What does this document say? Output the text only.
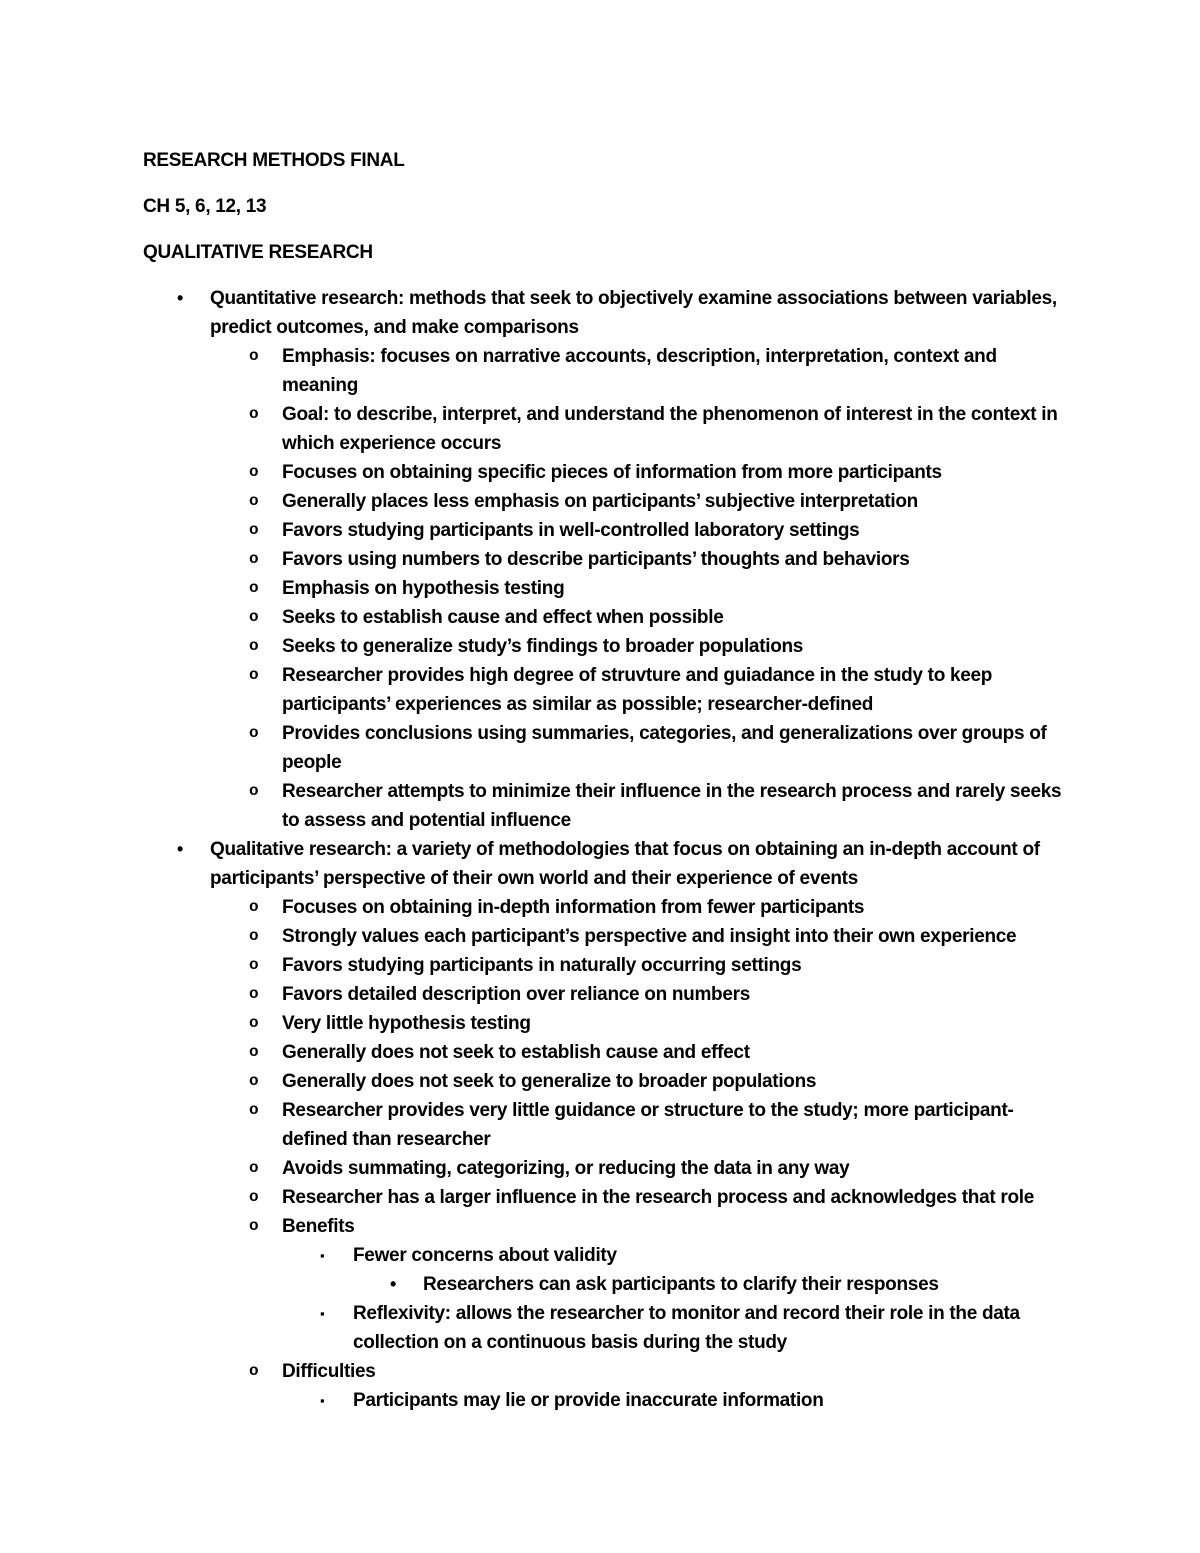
RESEARCH METHODS FINAL
CH 5, 6, 12, 13
QUALITATIVE RESEARCH
•	Quantitative research: methods that seek to objectively examine associations between variables, predict outcomes, and make comparisons
o	Emphasis: focuses on narrative accounts, description, interpretation, context and meaning
o	Goal: to describe, interpret, and understand the phenomenon of interest in the context in which experience occurs
o	Focuses on obtaining specific pieces of information from more participants
o	Generally places less emphasis on participants’ subjective interpretation
o	Favors studying participants in well-controlled laboratory settings
o	Favors using numbers to describe participants’ thoughts and behaviors
o	Emphasis on hypothesis testing
o	Seeks to establish cause and effect when possible
o	Seeks to generalize study’s findings to broader populations
o	Researcher provides high degree of struvture and guiadance in the study to keep participants’ experiences as similar as possible; researcher-defined
o	Provides conclusions using summaries, categories, and generalizations over groups of people
o	Researcher attempts to minimize their influence in the research process and rarely seeks to assess and potential influence
•	Qualitative research: a variety of methodologies that focus on obtaining an in-depth account of participants’ perspective of their own world and their experience of events
o	Focuses on obtaining in-depth information from fewer participants
o	Strongly values each participant’s perspective and insight into their own experience
o	Favors studying participants in naturally occurring settings
o	Favors detailed description over reliance on numbers
o	Very little hypothesis testing
o	Generally does not seek to establish cause and effect
o	Generally does not seek to generalize to broader populations
o	Researcher provides very little guidance or structure to the study; more participant-defined than researcher
o	Avoids summating, categorizing, or reducing the data in any way
o	Researcher has a larger influence in the research process and acknowledges that role
o	Benefits
▪	Fewer concerns about validity
•	Researchers can ask participants to clarify their responses
▪	Reflexivity: allows the researcher to monitor and record their role in the data collection on a continuous basis during the study
o	Difficulties
▪	Participants may lie or provide inaccurate information
